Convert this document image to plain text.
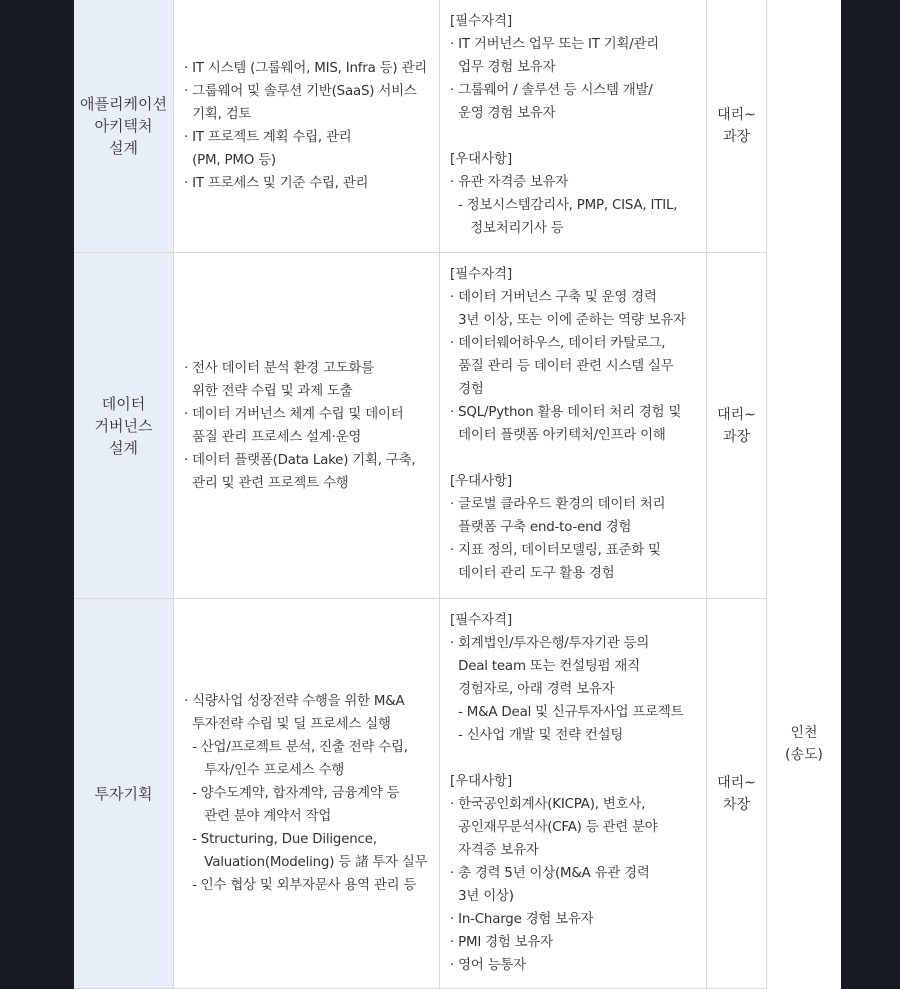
애플리케이션
아키텍처
설계
· IT 시스템 (그룹웨어, MIS, Infra 등) 관리
· 그룹웨어 및 솔루션 기반(SaaS) 서비스
기획, 검토
· IT 프로젝트 계획 수립, 관리
(PM, PMO 등)
· IT 프로세스 및 기준 수립, 관리
[필수자격]
· IT 거버넌스 업무 또는 IT 기획/관리
업무 경험 보유자
· 그룹웨어 / 솔루션 등 시스템 개발/
운영 경험 보유자
[우대사항]
· 유관 자격증 보유자
- 정보시스템감리사, PMP, CISA, ITIL,
정보처리기사 등
대리~
과장
데이터
거버넌스
설계
· 전사 데이터 분석 환경 고도화를
위한 전략 수립 및 과제 도출
· 데이터 거버넌스 체계 수립 및 데이터
품질 관리 프로세스 설계·운영
· 데이터 플랫폼(Data Lake) 기획, 구축,
관리 및 관련 프로젝트 수행
[필수자격]
· 데이터 거버넌스 구축 및 운영 경력
3년 이상, 또는 이에 준하는 역량 보유자
· 데이터웨어하우스, 데이터 카탈로그,
품질 관리 등 데이터 관련 시스템 실무
경험
· SQL/Python 활용 데이터 처리 경험 및
데이터 플랫폼 아키텍처/인프라 이해
[우대사항]
· 글로벌 클라우드 환경의 데이터 처리
플랫폼 구축 end-to-end 경험
· 지표 정의, 데이터모델링, 표준화 및
데이터 관리 도구 활용 경험
대리~
과장
투자기획
· 식량사업 성장전략 수행을 위한 M&A
투자전략 수립 및 딜 프로세스 실행
- 산업/프로젝트 분석, 진출 전략 수립,
투자/인수 프로세스 수행
- 양수도계약, 합자계약, 금융계약 등
관련 분야 계약서 작업
- Structuring, Due Diligence,
Valuation(Modeling) 등 諸 투자 실무
- 인수 협상 및 외부자문사 용역 관리 등
[필수자격]
· 회계법인/투자은행/투자기관 등의
Deal team 또는 컨설팅펌 재직
경험자로, 아래 경력 보유자
- M&A Deal 및 신규투자사업 프로젝트
- 신사업 개발 및 전략 컨설팅
[우대사항]
· 한국공인회계사(KICPA), 변호사,
공인재무분석사(CFA) 등 관련 분야
자격증 보유자
· 총 경력 5년 이상(M&A 유관 경력
3년 이상)
· In-Charge 경험 보유자
· PMI 경험 보유자
· 영어 능통자
대리~
차장
인천
(송도)
